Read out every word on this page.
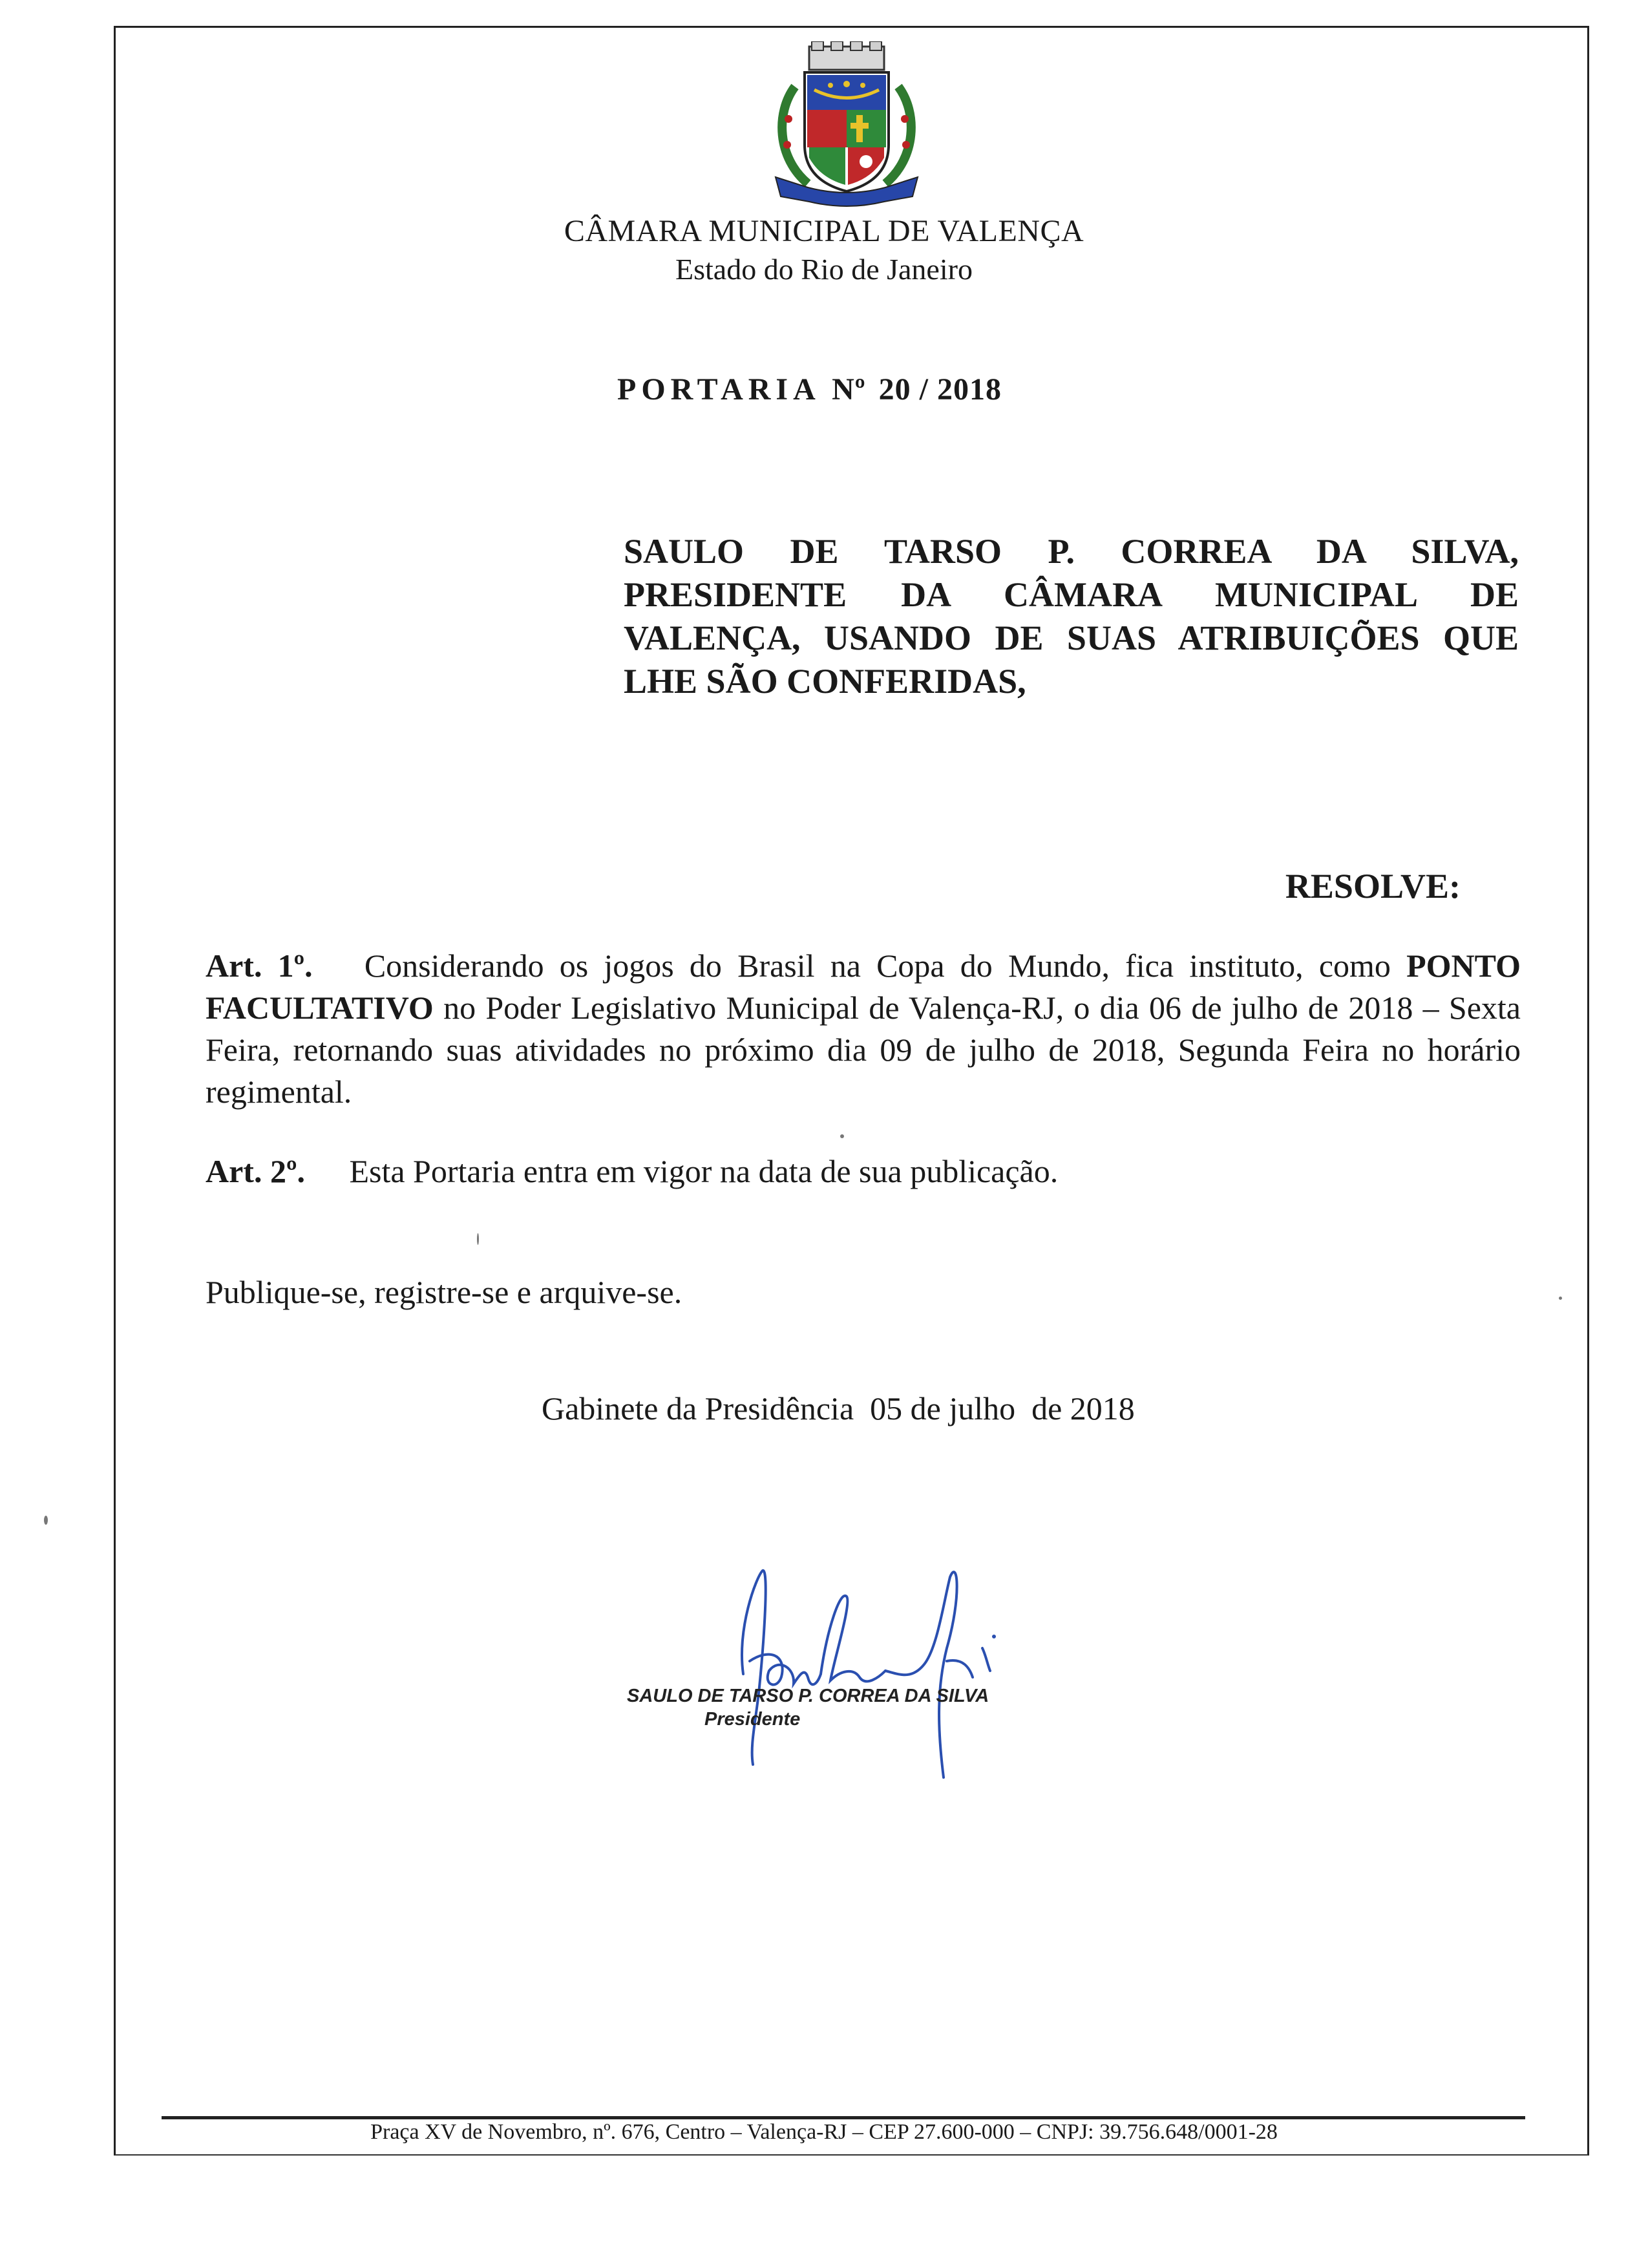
CÂMARA MUNICIPAL DE VALENÇA
Estado do Rio de Janeiro
PORTARIA Nº 20 / 2018
SAULO DE TARSO P. CORREA DA SILVA, PRESIDENTE DA CÂMARA MUNICIPAL DE VALENÇA, USANDO DE SUAS ATRIBUIÇÕES QUE LHE SÃO CONFERIDAS,
RESOLVE:
Art. 1º. Considerando os jogos do Brasil na Copa do Mundo, fica instituto, como PONTO FACULTATIVO no Poder Legislativo Municipal de Valença-RJ, o dia 06 de julho de 2018 – Sexta Feira, retornando suas atividades no próximo dia 09 de julho de 2018, Segunda Feira no horário regimental.
Art. 2º. Esta Portaria entra em vigor na data de sua publicação.
Publique-se, registre-se e arquive-se.
Gabinete da Presidência  05 de julho  de 2018
SAULO DE TARSO P. CORREA DA SILVA
Presidente
Praça XV de Novembro, nº. 676, Centro – Valença-RJ – CEP 27.600-000 – CNPJ: 39.756.648/0001-28
